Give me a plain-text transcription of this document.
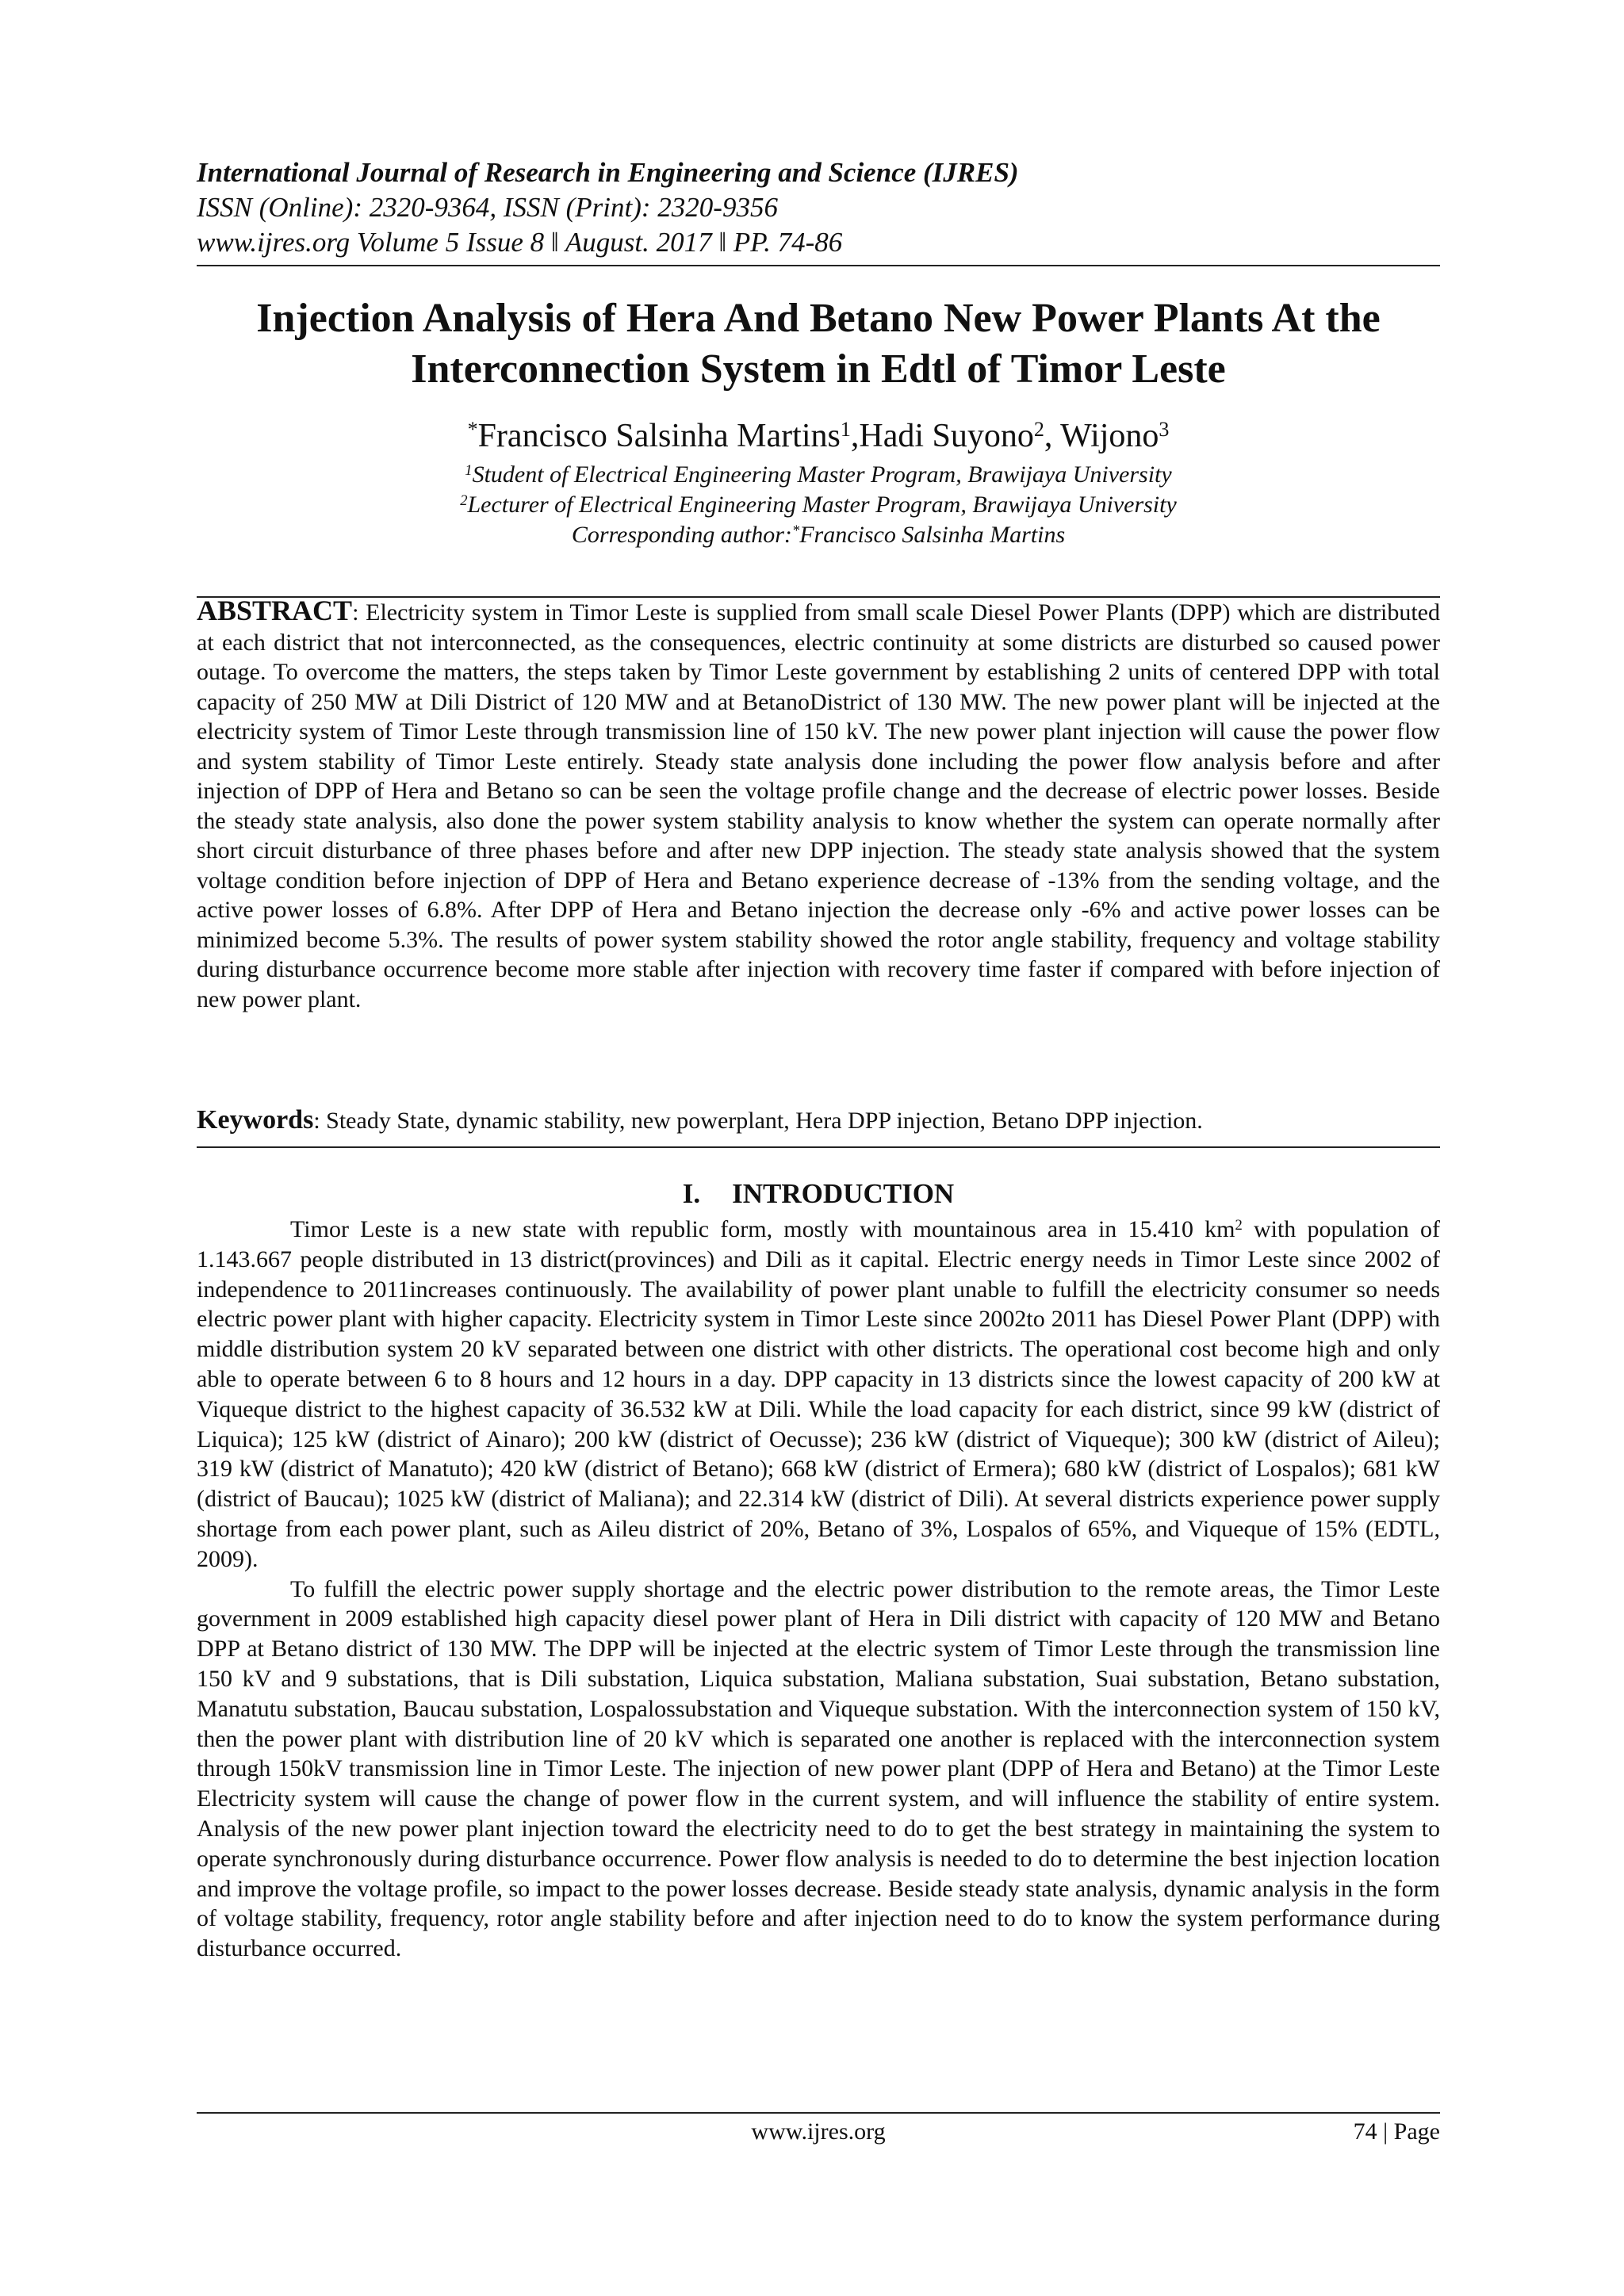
International Journal of Research in Engineering and Science (IJRES)
ISSN (Online): 2320-9364, ISSN (Print): 2320-9356
www.ijres.org Volume 5 Issue 8 ǁ August. 2017 ǁ PP. 74-86
Injection Analysis of Hera And Betano New Power Plants At the
Interconnection System in Edtl of Timor Leste
*Francisco Salsinha Martins$^1$,Hadi Suyono$^2$, Wijono$^3$
$^1$Student of Electrical Engineering Master Program, Brawijaya University
$^2$Lecturer of Electrical Engineering Master Program, Brawijaya University
Corresponding author:*Francisco Salsinha Martins
ABSTRACT: Electricity system in Timor Leste is supplied from small scale Diesel Power Plants (DPP) which are distributed at each district that not interconnected, as the consequences, electric continuity at some districts are disturbed so caused power outage. To overcome the matters, the steps taken by Timor Leste government by establishing 2 units of centered DPP with total capacity of 250 MW at Dili District of 120 MW and at BetanoDistrict of 130 MW. The new power plant will be injected at the electricity system of Timor Leste through transmission line of 150 kV. The new power plant injection will cause the power flow and system stability of Timor Leste entirely. Steady state analysis done including the power flow analysis before and after injection of DPP of Hera and Betano so can be seen the voltage profile change and the decrease of electric power losses. Beside the steady state analysis, also done the power system stability analysis to know whether the system can operate normally after short circuit disturbance of three phases before and after new DPP injection. The steady state analysis showed that the system voltage condition before injection of DPP of Hera and Betano experience decrease of -13% from the sending voltage, and the active power losses of 6.8%. After DPP of Hera and Betano injection the decrease only -6% and active power losses can be minimized become 5.3%. The results of power system stability showed the rotor angle stability, frequency and voltage stability during disturbance occurrence become more stable after injection with recovery time faster if compared with before injection of new power plant.
Keywords: Steady State, dynamic stability, new powerplant, Hera DPP injection, Betano DPP injection.
I. INTRODUCTION

Timor Leste is a new state with republic form, mostly with mountainous area in 15.410 $km^2$ with population of 1.143.667 people distributed in 13 district(provinces) and Dili as it capital. Electric energy needs in Timor Leste since 2002 of independence to 2011increases continuously. The availability of power plant unable to fulfill the electricity consumer so needs electric power plant with higher capacity. Electricity system in Timor Leste since 2002to 2011 has Diesel Power Plant (DPP) with middle distribution system 20 kV separated between one district with other districts. The operational cost become high and only able to operate between 6 to 8 hours and 12 hours in a day. DPP capacity in 13 districts since the lowest capacity of 200 kW at Viqueque district to the highest capacity of 36.532 kW at Dili. While the load capacity for each district, since 99 kW (district of Liquica); 125 kW (district of Ainaro); 200 kW (district of Oecusse); 236 kW (district of Viqueque); 300 kW (district of Aileu); 319 kW (district of Manatuto); 420 kW (district of Betano); 668 kW (district of Ermera); 680 kW (district of Lospalos); 681 kW (district of Baucau); 1025 kW (district of Maliana); and 22.314 kW (district of Dili). At several districts experience power supply shortage from each power plant, such as Aileu district of 20%, Betano of 3%, Lospalos of 65%, and Viqueque of 15% (EDTL, 2009).

To fulfill the electric power supply shortage and the electric power distribution to the remote areas, the Timor Leste government in 2009 established high capacity diesel power plant of Hera in Dili district with capacity of 120 MW and Betano DPP at Betano district of 130 MW. The DPP will be injected at the electric system of Timor Leste through the transmission line 150 kV and 9 substations, that is Dili substation, Liquica substation, Maliana substation, Suai substation, Betano substation, Manatutu substation, Baucau substation, Lospalossubstation and Viqueque substation. With the interconnection system of 150 kV, then the power plant with distribution line of 20 kV which is separated one another is replaced with the interconnection system through 150kV transmission line in Timor Leste. The injection of new power plant (DPP of Hera and Betano) at the Timor Leste Electricity system will cause the change of power flow in the current system, and will influence the stability of entire system. Analysis of the new power plant injection toward the electricity need to do to get the best strategy in maintaining the system to operate synchronously during disturbance occurrence. Power flow analysis is needed to do to determine the best injection location and improve the voltage profile, so impact to the power losses decrease. Beside steady state analysis, dynamic analysis in the form of voltage stability, frequency, rotor angle stability before and after injection need to do to know the system performance during disturbance occurred.

www.ijres.org	74 | Page
